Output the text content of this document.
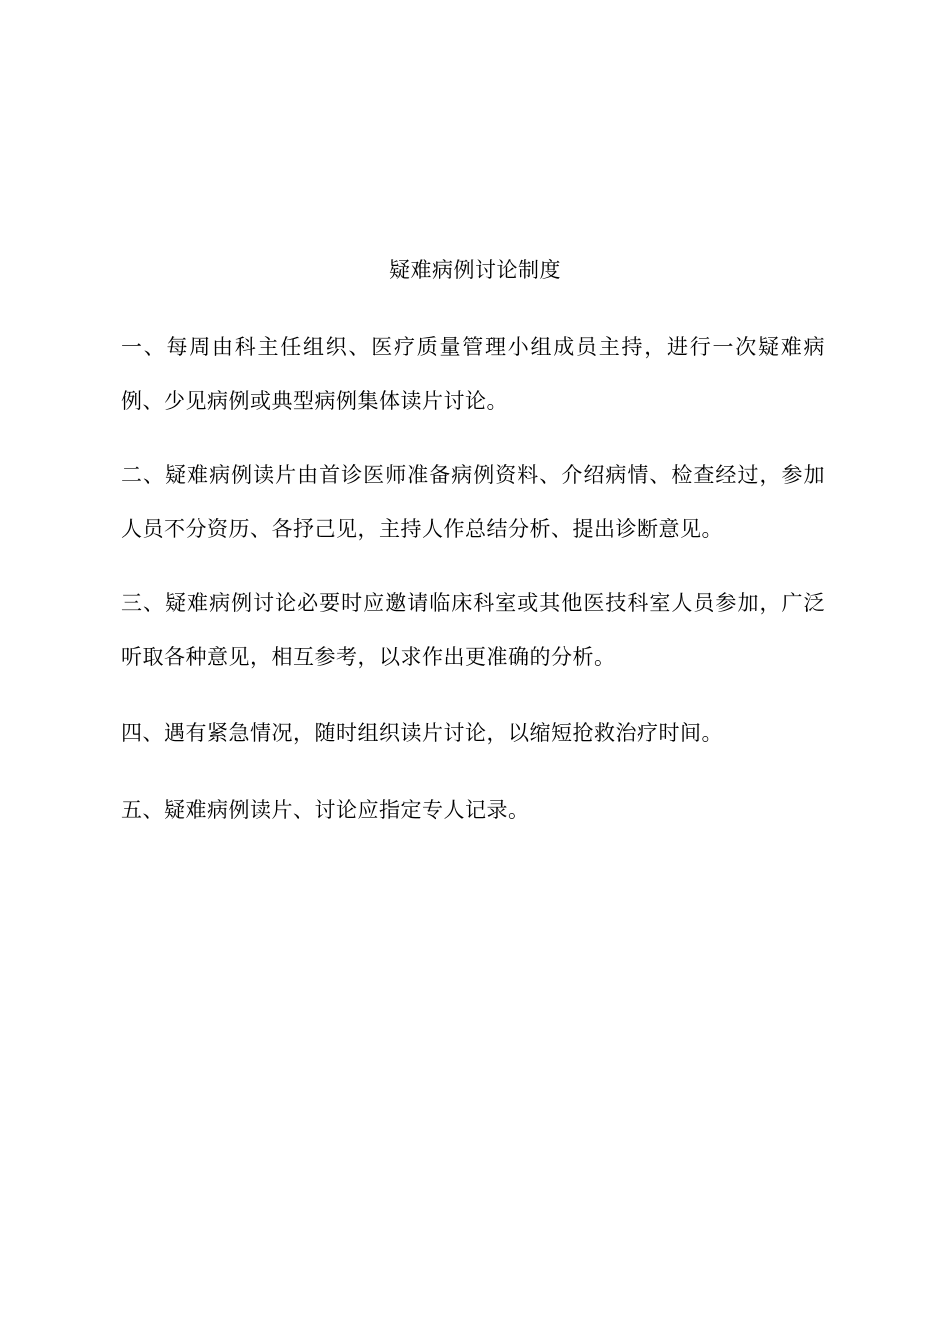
疑难病例讨论制度

一、每周由科主任组织、医疗质量管理小组成员主持，进行一次疑难病例、少见病例或典型病例集体读片讨论。

二、疑难病例读片由首诊医师准备病例资料、介绍病情、检查经过，参加人员不分资历、各抒己见，主持人作总结分析、提出诊断意见。

三、疑难病例讨论必要时应邀请临床科室或其他医技科室人员参加，广泛听取各种意见，相互参考，以求作出更准确的分析。

四、遇有紧急情况，随时组织读片讨论，以缩短抢救治疗时间。

五、疑难病例读片、讨论应指定专人记录。
